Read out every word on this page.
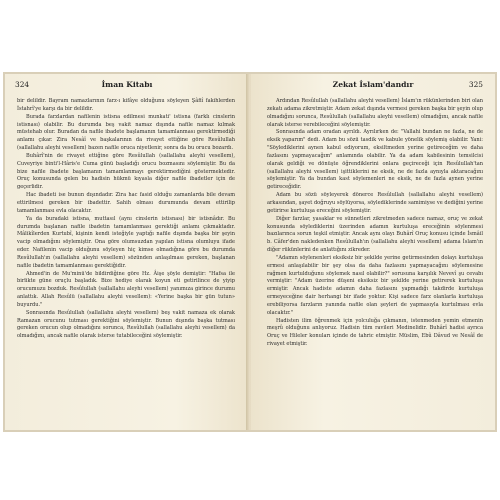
324	İman Kitabı

bir delildir. Bayram namazlarının farz-ı kifâye olduğunu söyleyen Şâfiî fakihlerden İstahrî'ye karşı da bir delildir.

Burada farzlardan nafilenin istisna edilmesi munkati' istisna (farklı cinslerin istisnası) olabilir. Bu durumda beş vakit namaz dışında nafile namaz kılmak müstehab olur. Buradan da nafile ibadete başlamanın tamamlanması gerektirmediği anlamı çıkar. Zira Nesâî ve başkalarının da rivayet ettiğine göre Resûlullah (sallallahu aleyhi vesellem) bazen nafile oruca niyetlenir, sonra da bu orucu bozardı.

Buhârî'nin de rivayet ettiğine göre Resûlullah (sallallahu aleyhi vesellem), Cuveyriye binti'l-Hâris'e Cuma günü başladığı orucu bozmasını söylemiştir. Bu da bize nafile ibadete başlamanın tamamlanmayı gerektirmediğini göstermektedir. Oruç konusunda gelen bu hadisin hükmü kıyasla diğer nafile ibadetler için de geçerlidir.

Hac ibadeti ise bunun dışındadır. Zira hac fasid olduğu zamanlarda bile devam ettirilmesi gereken bir ibadettir. Sahih olması durumunda devam ettirilip tamamlanması evla olacaktır.

Ya da buradaki istisna, muttasıl (aynı cinslerin istisnası) bir istisnâdır. Bu durumda başlanan nafile ibadetin tamamlanması gerektiği anlamı çıkmaktadır. Mâlikîlerden Kurtubî, kişinin kendi isteğiyle yaptığı nafile dışında başka bir şeyin vacip olmadığını söylemiştir. Ona göre olumsuzdan yapılan istisna olumluyu ifade eder. Nafilenin vacip olduğunu söyleyen hiç kimse olmadığına göre bu durumda Resûlullah'ın (sallallahu aleyhi vesellem) sözünden anlaşılması gereken, başlanan nafile ibadetin tamamlanması gerektiğidir.

Ahmed'in de Mu'minü'de bildirdiğine göre Hz. Âişe şöyle demiştir: "Hafsa ile birlikte güne oruçlu başladık. Bize hediye olarak koyun eti getirilince de yiyip orucumuzu bozduk. Resûlullah (sallallahu aleyhi vesellem) yanımıza girince durumu anlattık. Allah Resûlü (sallallahu aleyhi vesellem): «Yerine başka bir gün tutun» buyurdu."

Sonrasında Resûlullah (sallallahu aleyhi vesellem) beş vakit namaza ek olarak Ramazan orucunu tutması gerektiğini söylemiştir. Bunun dışında başka tutması gereken orucun olup olmadığını sorunca, Resûlullah (sallallahu aleyhi vesellem) da olmadığını, ancak nafile olarak isterse tutabileceğini söylemiştir.

Zekat İslam'dandır	325

Ardından Resûlullah (sallallahu aleyhi vesellem) İslam'ın rükünlerinden biri olan zekatı adama zikretmiştir. Adam zekat dışında vermesi gereken başka bir şeyin olup olmadığını sorunca, Resûlullah (sallallahu aleyhi vesellem) olmadığını, ancak nafile olarak isterse verebileceğini söylemiştir.

Sonrasında adam oradan ayrıldı. Ayrılırken de: "Vallahi bundan ne fazla, ne de eksik yaparım" dedi. Adam bu sözü tasdik ve kabule yönelik söylemiş olabilir. Yani: "Söylediklerini aynen kabul ediyorum, eksiltmeden yerine getireceğim ve daha fazlasını yapmayacağım" anlamında olabilir. Ya da adam kabilesinin temsilcisi olarak geldiği ve dönüşte öğrendiklerini onlara geçireceği için Resûlullah'tan (sallallahu aleyhi vesellem) işittiklerini ne eksik, ne de fazla aynıyla aktaracağını söylemiştir. Ya da bundan kast söylemenleri ne eksik, ne de fazla aynen yerine getireceğidir.

Adam bu sözü söyleyerek dönerce Resûlullah (sallallahu aleyhi vesellem) arkasından, şayet doğruyu söylüyorsa, söylediklerinde samimiyse ve dediğini yerine getirirse kurtuluşa ereceğini söylemiştir.

Diğer farzlar, yasaklar ve sünnetleri zikretmeden sadece namaz, oruç ve zekat konusunda söylediklerini üzerinden adamın kurtuluşa ereceğinin söylenmesi bazılarınca sorun teşkil etmiştir. Ancak aynı olayı Buhârî Oruç konusu içinde İsmâil b. Câfer'den nakledenken Resûlullah'ın (sallallahu aleyhi vesellem) adama İslam'ın diğer rükünlerini de anlattığını zikreder.

"Adamın söylenenleri eksiksiz bir şekilde yerine getirmesinden dolayı kurtuluşa ermesi anlaşılabilir bir şey olsa da daha fazlasını yapmayacağını söylemesine rağmen kurtulduğunu söylemek nasıl olabilir?" sorusuna karşılık Nevevî şu cevabı vermiştir: "Adam üzerine düşeni eksiksiz bir şekilde yerine getirerek kurtuluşa ermiştir. Ancak hadiste adamın daha fazlasını yapmadığı takdirde kurtuluşa ermeyeceğine dair herhangi bir ifade yoktur. Kişi sadece farz olanlarla kurtuluşa erebiliyorsa farzların yanında nafile olan şeyleri de yapmasıyla kurtulması evla olacaktır."

Hadisten ilim öğrenmek için yolculuğa çıkmanın, istenmeden yemin etmenin meşrû olduğunu anlıyoruz. Hadisin tüm ravileri Medinelidir. Buhârî hadisi ayrıca Oruç ve Hileler konuları içinde de tahric etmiştir. Müslim, Ebû Dâvud ve Nesâî de rivayet etmiştir.
